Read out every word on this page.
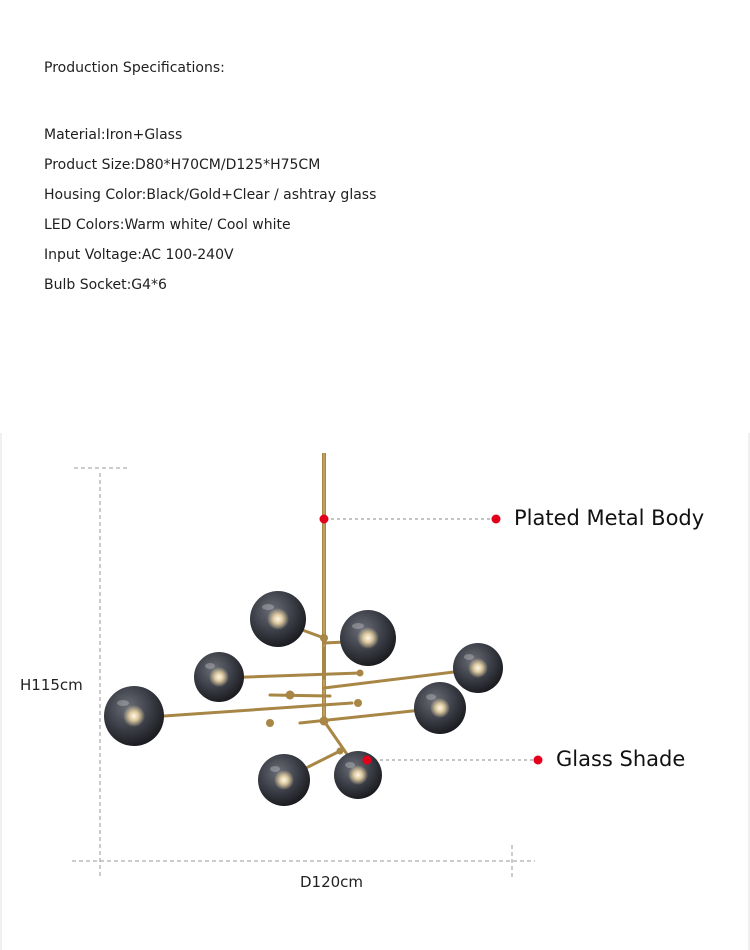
Production Specifications:
Material:Iron+Glass
Product Size:D80*H70CM/D125*H75CM
Housing Color:Black/Gold+Clear / ashtray glass
LED Colors:Warm white/ Cool white
Input Voltage:AC 100-240V
Bulb Socket:G4*6
Plated Metal Body
Glass Shade
H115cm
D120cm
